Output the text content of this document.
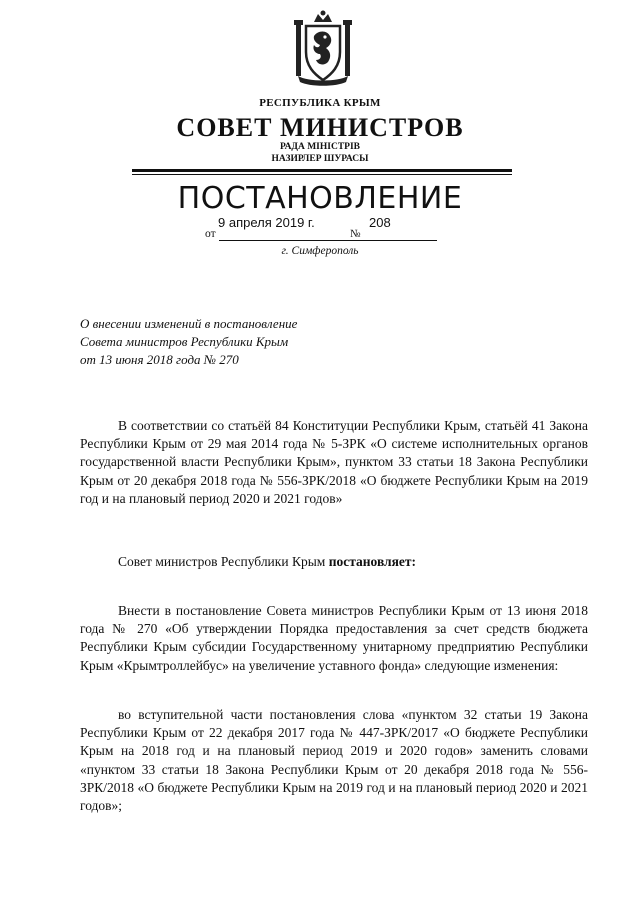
РЕСПУБЛИКА КРЫМ
СОВЕТ МИНИСТРОВ
РАДА МІНІСТРІВ
НАЗИРЛЕР ШУРАСЫ
ПОСТАНОВЛЕНИЕ
от
9 апреля 2019 г.
№
208
г. Симферополь
О внесении изменений в постановление
Совета министров Республики Крым
от 13 июня 2018 года № 270
В соответствии со статьёй 84 Конституции Республики Крым, статьёй 41 Закона Республики Крым от 29 мая 2014 года № 5-ЗРК «О системе исполнительных органов государственной власти Республики Крым», пунктом 33 статьи 18 Закона Республики Крым от 20 декабря 2018 года № 556-ЗРК/2018 «О бюджете Республики Крым на 2019 год и на плановый период 2020 и 2021 годов»
Совет министров Республики Крым постановляет:
Внести в постановление Совета министров Республики Крым от 13 июня 2018 года № 270 «Об утверждении Порядка предоставления за счет средств бюджета Республики Крым субсидии Государственному унитарному предприятию Республики Крым «Крымтроллейбус» на увеличение уставного фонда» следующие изменения:
во вступительной части постановления слова «пунктом 32 статьи 19 Закона Республики Крым от 22 декабря 2017 года № 447-ЗРК/2017 «О бюджете Республики Крым на 2018 год и на плановый период 2019 и 2020 годов» заменить словами «пунктом 33 статьи 18 Закона Республики Крым от 20 декабря 2018 года № 556-ЗРК/2018 «О бюджете Республики Крым на 2019 год и на плановый период 2020 и 2021 годов»;
